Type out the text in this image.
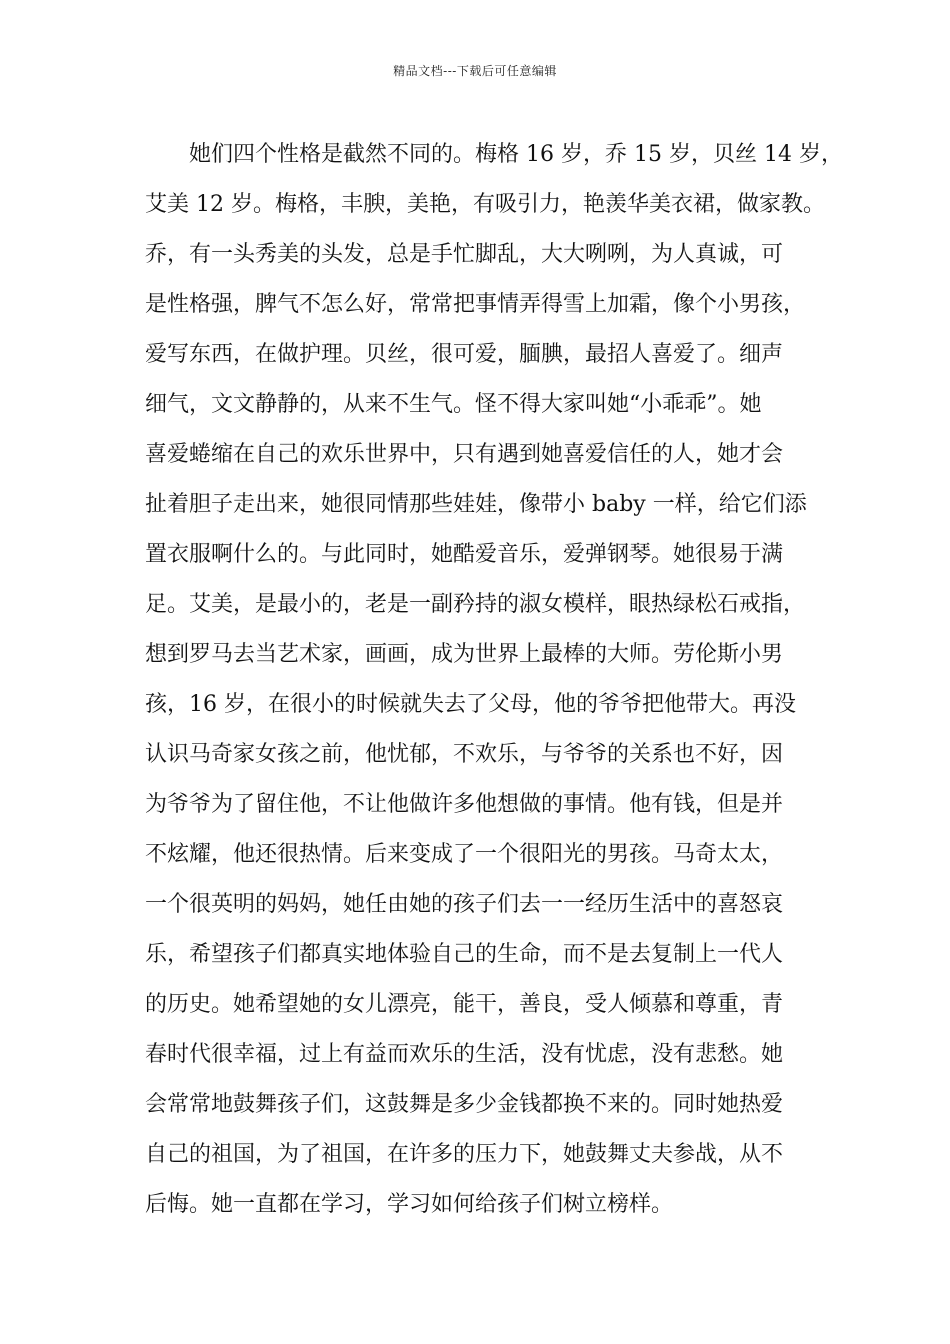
精品文档---下载后可任意编辑
她们四个性格是截然不同的。梅格 16 岁，乔 15 岁，贝丝 14 岁，
艾美 12 岁。梅格，丰腴，美艳，有吸引力，艳羡华美衣裙，做家教。
乔，有一头秀美的头发，总是手忙脚乱，大大咧咧，为人真诚，可
是性格强，脾气不怎么好，常常把事情弄得雪上加霜，像个小男孩，
爱写东西，在做护理。贝丝，很可爱，腼腆，最招人喜爱了。细声
细气，文文静静的，从来不生气。怪不得大家叫她“小乖乖”。她
喜爱蜷缩在自己的欢乐世界中，只有遇到她喜爱信任的人，她才会
扯着胆子走出来，她很同情那些娃娃，像带小 baby 一样，给它们添
置衣服啊什么的。与此同时，她酷爱音乐，爱弹钢琴。她很易于满
足。艾美，是最小的，老是一副矜持的淑女模样，眼热绿松石戒指，
想到罗马去当艺术家，画画，成为世界上最棒的大师。劳伦斯小男
孩，16 岁，在很小的时候就失去了父母，他的爷爷把他带大。再没
认识马奇家女孩之前，他忧郁，不欢乐，与爷爷的关系也不好，因
为爷爷为了留住他，不让他做许多他想做的事情。他有钱，但是并
不炫耀，他还很热情。后来变成了一个很阳光的男孩。马奇太太，
一个很英明的妈妈，她任由她的孩子们去一一经历生活中的喜怒哀
乐，希望孩子们都真实地体验自己的生命，而不是去复制上一代人
的历史。她希望她的女儿漂亮，能干，善良，受人倾慕和尊重，青
春时代很幸福，过上有益而欢乐的生活，没有忧虑，没有悲愁。她
会常常地鼓舞孩子们，这鼓舞是多少金钱都换不来的。同时她热爱
自己的祖国，为了祖国，在许多的压力下，她鼓舞丈夫参战，从不
后悔。她一直都在学习，学习如何给孩子们树立榜样。
